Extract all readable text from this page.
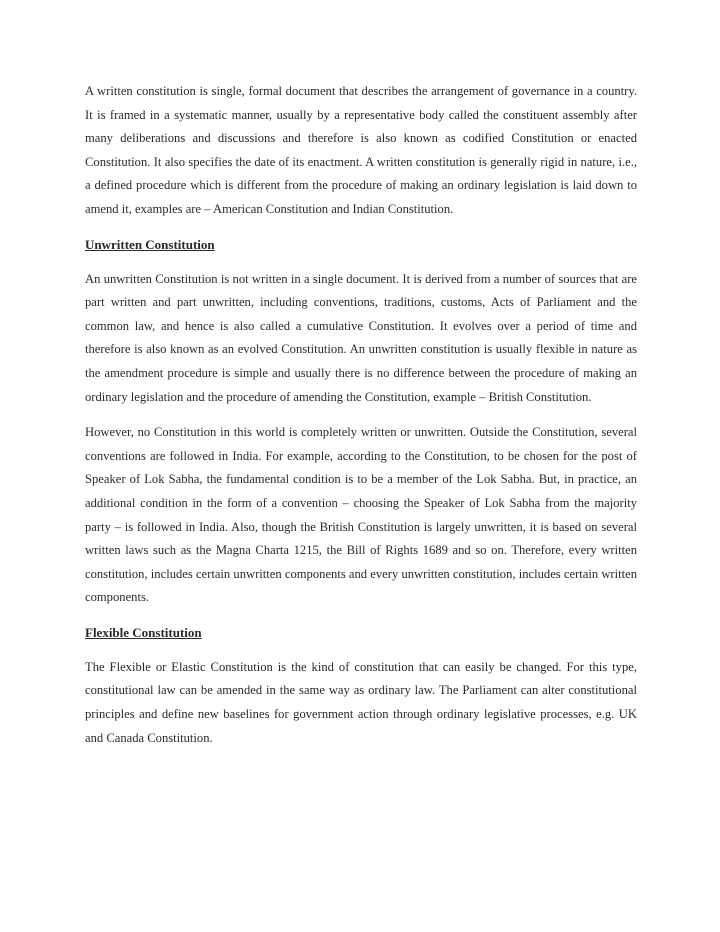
A written constitution is single, formal document that describes the arrangement of governance in a country. It is framed in a systematic manner, usually by a representative body called the constituent assembly after many deliberations and discussions and therefore is also known as codified Constitution or enacted Constitution. It also specifies the date of its enactment. A written constitution is generally rigid in nature, i.e., a defined procedure which is different from the procedure of making an ordinary legislation is laid down to amend it, examples are – American Constitution and Indian Constitution.

Unwritten Constitution

An unwritten Constitution is not written in a single document. It is derived from a number of sources that are part written and part unwritten, including conventions, traditions, customs, Acts of Parliament and the common law, and hence is also called a cumulative Constitution. It evolves over a period of time and therefore is also known as an evolved Constitution. An unwritten constitution is usually flexible in nature as the amendment procedure is simple and usually there is no difference between the procedure of making an ordinary legislation and the procedure of amending the Constitution, example – British Constitution.

However, no Constitution in this world is completely written or unwritten. Outside the Constitution, several conventions are followed in India. For example, according to the Constitution, to be chosen for the post of Speaker of Lok Sabha, the fundamental condition is to be a member of the Lok Sabha. But, in practice, an additional condition in the form of a convention – choosing the Speaker of Lok Sabha from the majority party – is followed in India. Also, though the British Constitution is largely unwritten, it is based on several written laws such as the Magna Charta 1215, the Bill of Rights 1689 and so on. Therefore, every written constitution, includes certain unwritten components and every unwritten constitution, includes certain written components.

Flexible Constitution

The Flexible or Elastic Constitution is the kind of constitution that can easily be changed. For this type, constitutional law can be amended in the same way as ordinary law. The Parliament can alter constitutional principles and define new baselines for government action through ordinary legislative processes, e.g. UK and Canada Constitution.
